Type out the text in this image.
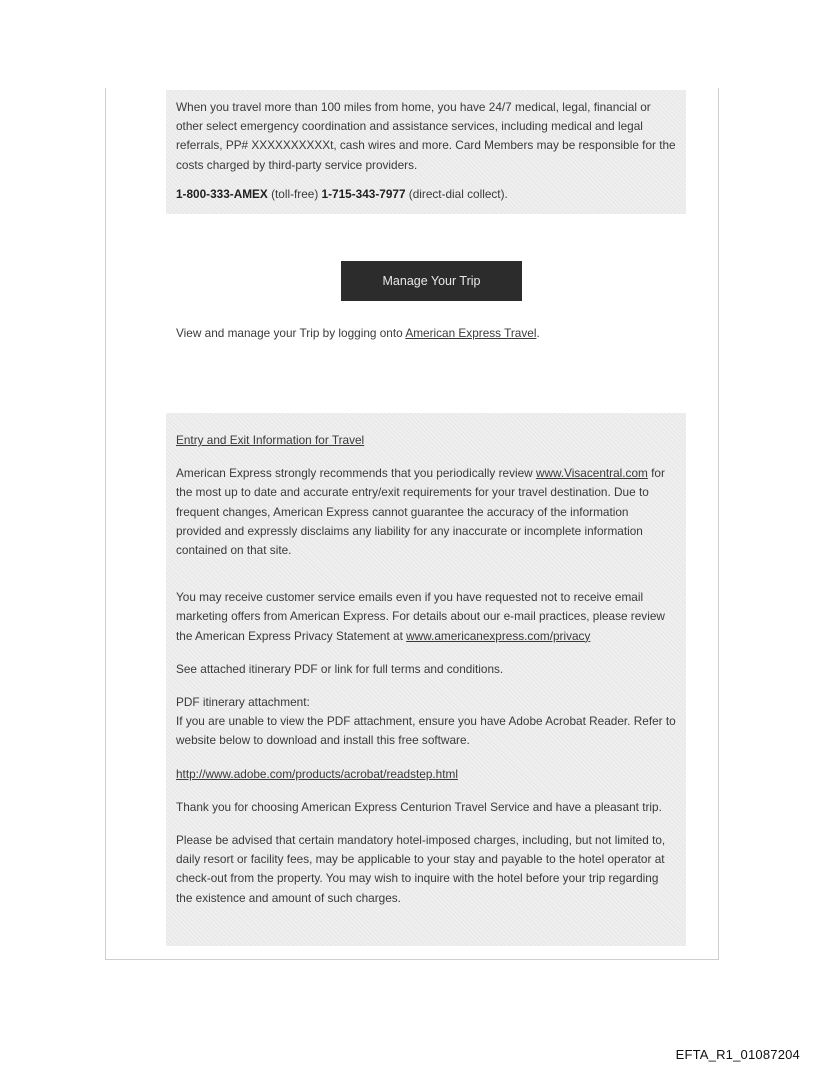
When you travel more than 100 miles from home, you have 24/7 medical, legal, financial or other select emergency coordination and assistance services, including medical and legal referrals, PP# XXXXXXXXXXt, cash wires and more. Card Members may be responsible for the costs charged by third-party service providers.

1-800-333-AMEX (toll-free) 1-715-343-7977 (direct-dial collect).

Manage Your Trip

View and manage your Trip by logging onto American Express Travel.

Entry and Exit Information for Travel

American Express strongly recommends that you periodically review www.Visacentral.com for the most up to date and accurate entry/exit requirements for your travel destination. Due to frequent changes, American Express cannot guarantee the accuracy of the information provided and expressly disclaims any liability for any inaccurate or incomplete information contained on that site.

You may receive customer service emails even if you have requested not to receive email marketing offers from American Express. For details about our e-mail practices, please review the American Express Privacy Statement at www.americanexpress.com/privacy

See attached itinerary PDF or link for full terms and conditions.

PDF itinerary attachment:

If you are unable to view the PDF attachment, ensure you have Adobe Acrobat Reader. Refer to website below to download and install this free software.

http://www.adobe.com/products/acrobat/readstep.html

Thank you for choosing American Express Centurion Travel Service and have a pleasant trip.

Please be advised that certain mandatory hotel-imposed charges, including, but not limited to, daily resort or facility fees, may be applicable to your stay and payable to the hotel operator at check-out from the property. You may wish to inquire with the hotel before your trip regarding the existence and amount of such charges.

EFTA_R1_01087204
